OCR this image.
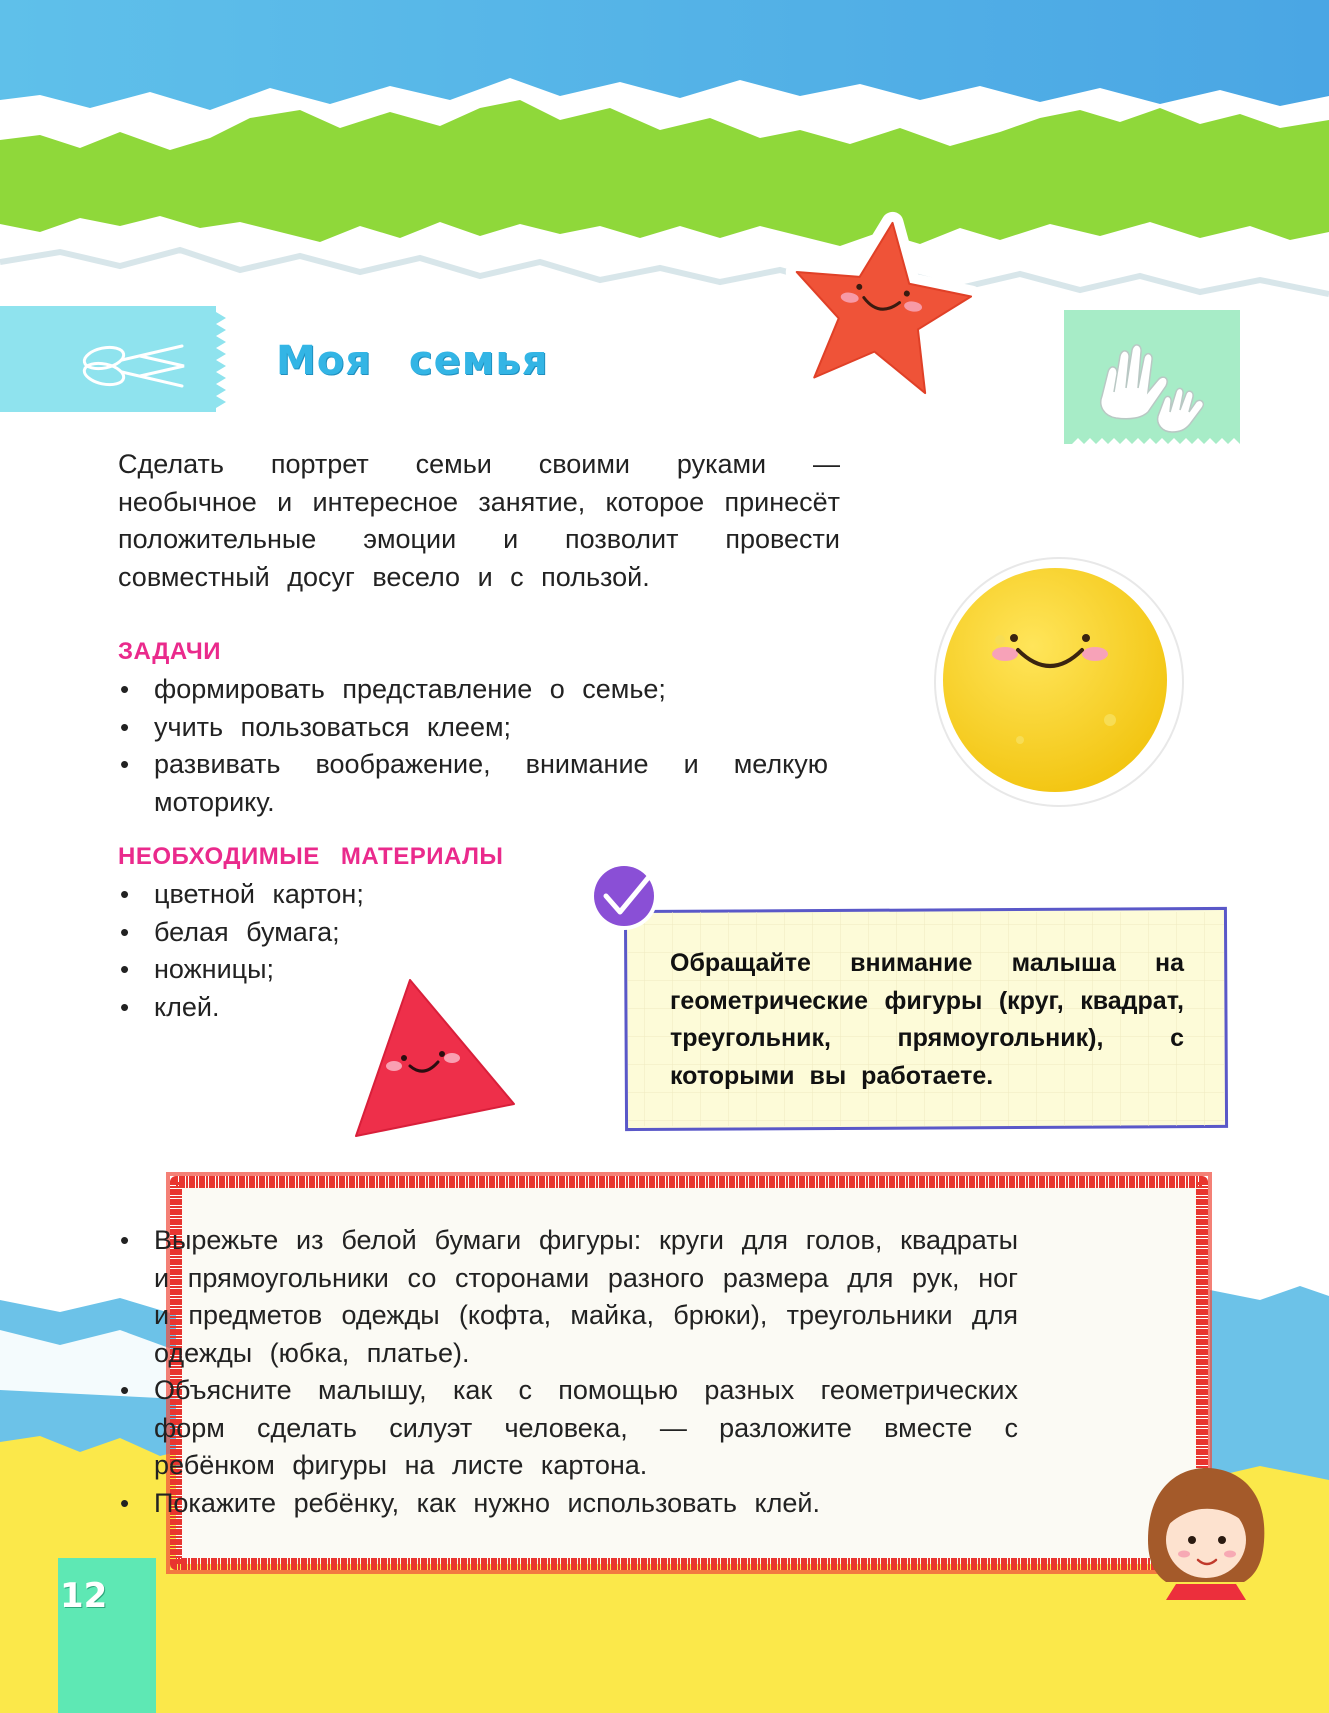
Моя семья

Сделать портрет семьи своими руками — необычное и интересное занятие, которое принесёт положительные эмоции и позволит провести совместный досуг весело и с пользой.

ЗАДАЧИ
• формировать представление о семье;
• учить пользоваться клеем;
• развивать воображение, внимание и мелкую моторику.
НЕОБХОДИМЫЕ МАТЕРИАЛЫ
• цветной картон;
• белая бумага;
• ножницы;
• клей.
Обращайте внимание малыша на геометрические фигуры (круг, квадрат, треугольник, прямоугольник), с которыми вы работаете.
• Вырежьте из белой бумаги фигуры: круги для голов, квадраты и прямоугольники со сторонами разного размера для рук, ног и предметов одежды (кофта, майка, брюки), треугольники для одежды (юбка, платье).
• Объясните малышу, как с помощью разных геометрических форм сделать силуэт человека, — разложите вместе с ребёнком фигуры на листе картона.
• Покажите ребёнку, как нужно использовать клей.
12
